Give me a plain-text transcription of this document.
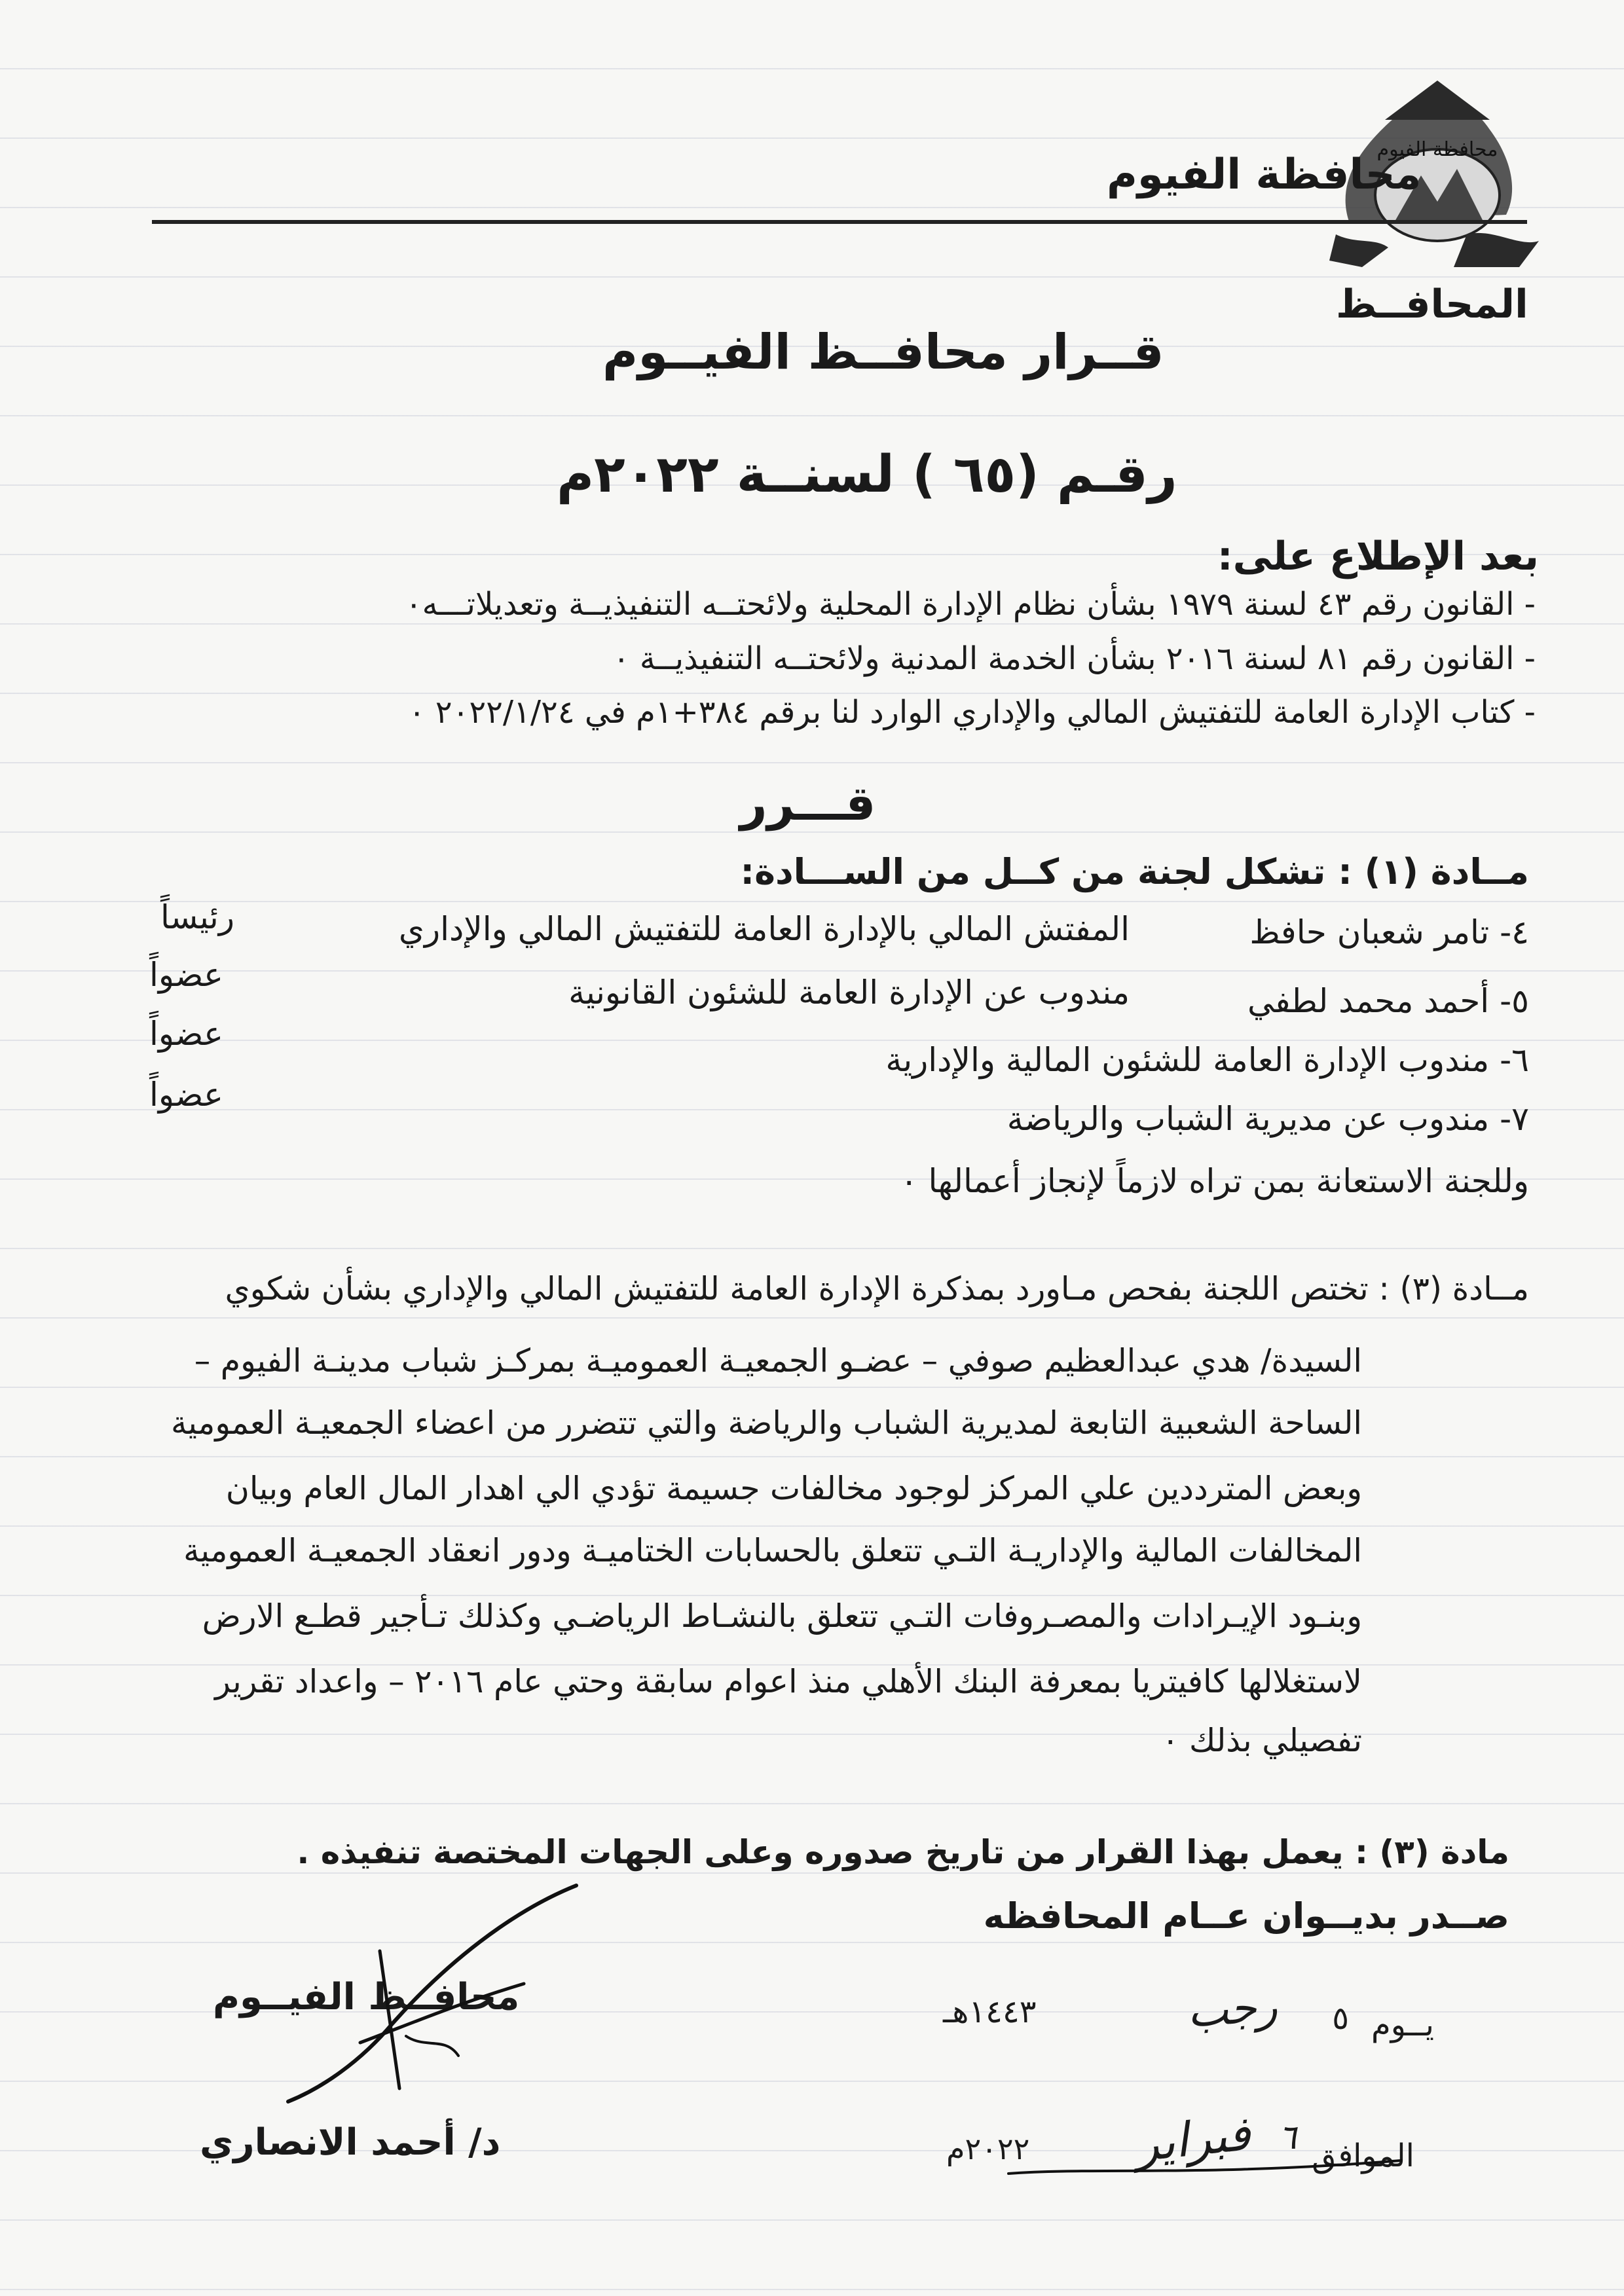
محافظة الفيوم
محافظة الفيوم
المحافــظ
قــرار محافــظ الفيــوم
رقـم (٦٥ ) لسنــة ٢٠٢٢م
بعد الإطلاع على:
- القانون رقم ٤٣ لسنة ١٩٧٩ بشأن نظام الإدارة المحلية ولائحتــه التنفيذيــة وتعديلاتـــه٠
- القانون رقم ٨١ لسنة ٢٠١٦ بشأن الخدمة المدنية ولائحتــه التنفيذيــة ٠
- كتاب الإدارة العامة للتفتيش المالي والإداري الوارد لنا برقم ٣٨٤+١م في ٢٠٢٢/١/٢٤ ٠
قـــرر
مــادة (١) : تشكل لجنة من كــل من الســـادة:
٤- تامر شعبان حافظ
المفتش المالي بالإدارة العامة للتفتيش المالي والإداري
رئيساً
٥- أحمد محمد لطفي
مندوب عن الإدارة العامة للشئون القانونية
عضواً
٦- مندوب الإدارة العامة للشئون المالية والإدارية
عضواً
٧- مندوب عن مديرية الشباب والرياضة
عضواً
وللجنة الاستعانة بمن تراه لازماً لإنجاز أعمالها ٠
مــادة (٣) : تختص اللجنة بفحص مـاورد بمذكرة الإدارة العامة للتفتيش المالي والإداري بشأن شكوي
السيدة/ هدي عبدالعظيم صوفي – عضـو الجمعيـة العموميـة بمركـز شباب مدينـة الفيوم –
الساحة الشعبية التابعة لمديرية الشباب والرياضة والتي تتضرر من اعضاء الجمعيـة العمومية
وبعض المترددين علي المركز لوجود مخالفات جسيمة تؤدي الي اهدار المال العام وبيان
المخالفات المالية والإداريـة التـي تتعلق بالحسابات الختاميـة ودور انعقاد الجمعيـة العمومية
وبنـود الإيـرادات والمصـروفات التـي تتعلق بالنشـاط الرياضـي وكذلك تـأجير قطـع الارض
لاستغلالها كافيتريا بمعرفة البنك الأهلي منذ اعوام سابقة وحتي عام ٢٠١٦ – واعداد تقرير
تفصيلي بذلك ٠
مادة (٣) : يعمل بهذا القرار من تاريخ صدوره وعلى الجهات المختصة تنفيذه .
صــدر بديــوان عــام المحافظه
يــوم
٥
رجب
١٤٤٣هـ
الموافق
٦
فبراير
٢٠٢٢م
محافــظ الفيــوم
د/ أحمد الانصاري
